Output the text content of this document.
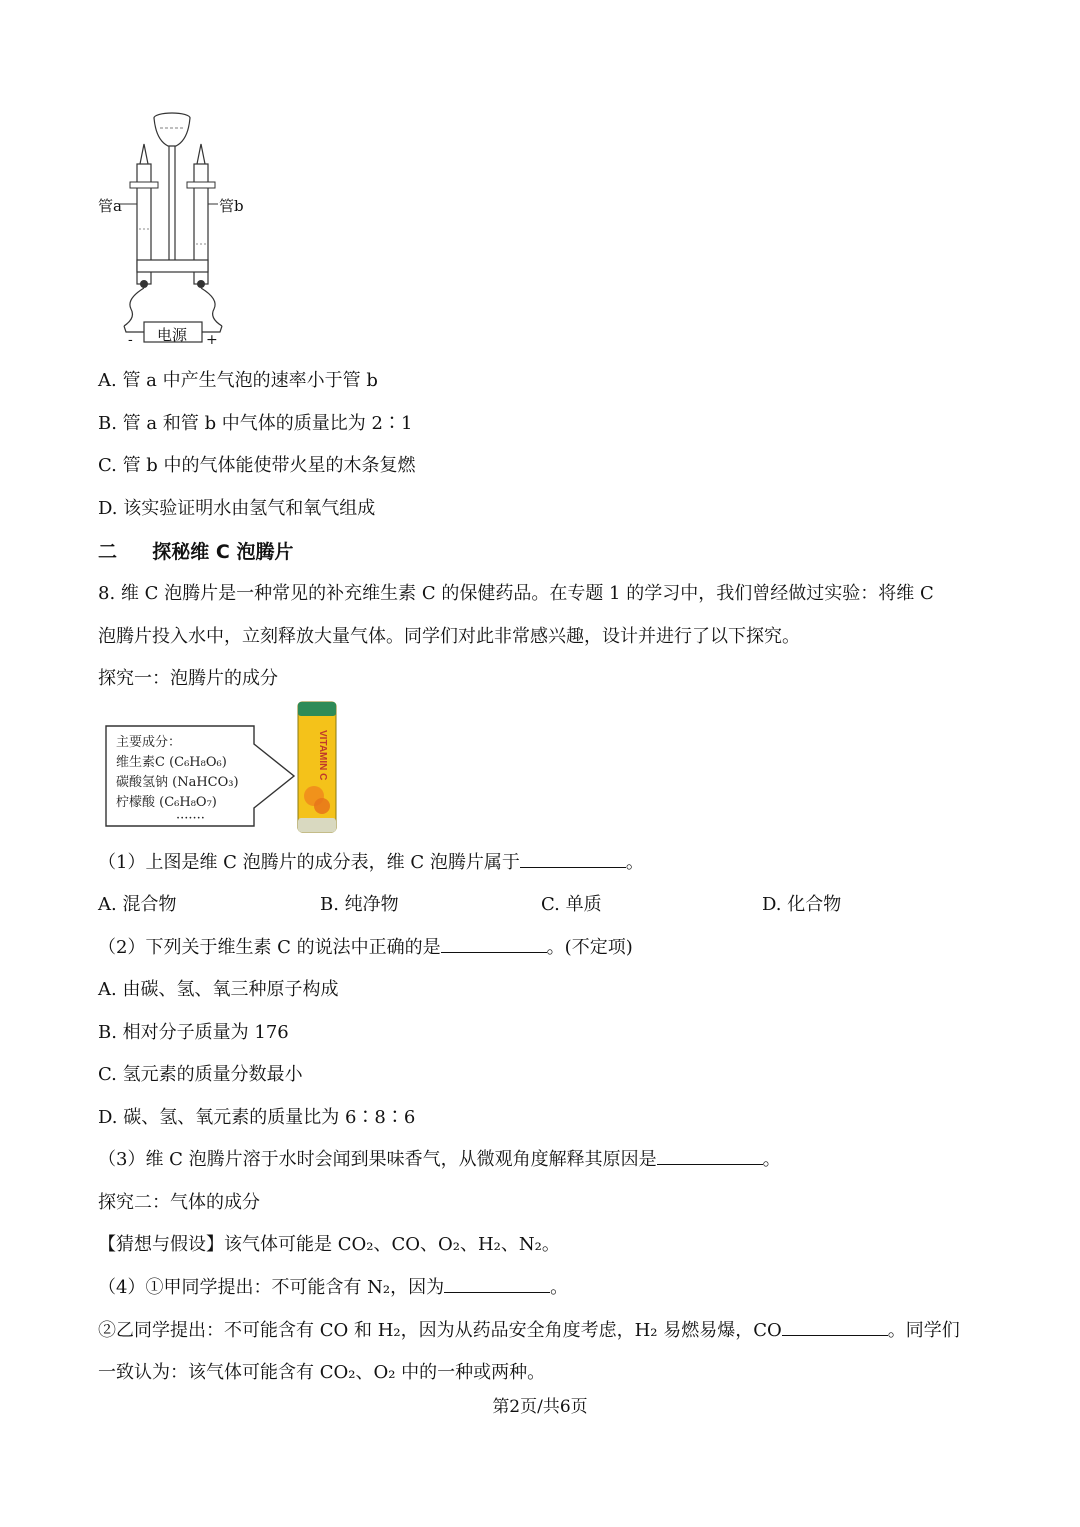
管a	管b
电源
-	+
A. 管 a 中产生气泡的速率小于管 b
B. 管 a 和管 b 中气体的质量比为 2∶1
C. 管 b 中的气体能使带火星的木条复燃
D. 该实验证明水由氢气和氧气组成
二 探秘维 C 泡腾片
8. 维 C 泡腾片是一种常见的补充维生素 C 的保健药品。在专题 1 的学习中，我们曾经做过实验：将维 C
泡腾片投入水中，立刻释放大量气体。同学们对此非常感兴趣，设计并进行了以下探究。
探究一：泡腾片的成分
主要成分：
维生素C (C₆H₈O₆)
碳酸氢钠 (NaHCO₃)
柠檬酸 (C₆H₈O₇)
·······
VITAMIN C
（1）上图是维 C 泡腾片的成分表，维 C 泡腾片属于	。
A. 混合物	B. 纯净物	C. 单质	D. 化合物
（2）下列关于维生素 C 的说法中正确的是	。(不定项)
A. 由碳、氢、氧三种原子构成
B. 相对分子质量为 176
C. 氢元素的质量分数最小
D. 碳、氢、氧元素的质量比为 6∶8∶6
（3）维 C 泡腾片溶于水时会闻到果味香气，从微观角度解释其原因是	。
探究二：气体的成分
【猜想与假设】该气体可能是 CO₂、CO、O₂、H₂、N₂。
（4）①甲同学提出：不可能含有 N₂，因为	。
②乙同学提出：不可能含有 CO 和 H₂，因为从药品安全角度考虑，H₂ 易燃易爆，CO	。同学们
一致认为：该气体可能含有 CO₂、O₂ 中的一种或两种。
第2页/共6页
